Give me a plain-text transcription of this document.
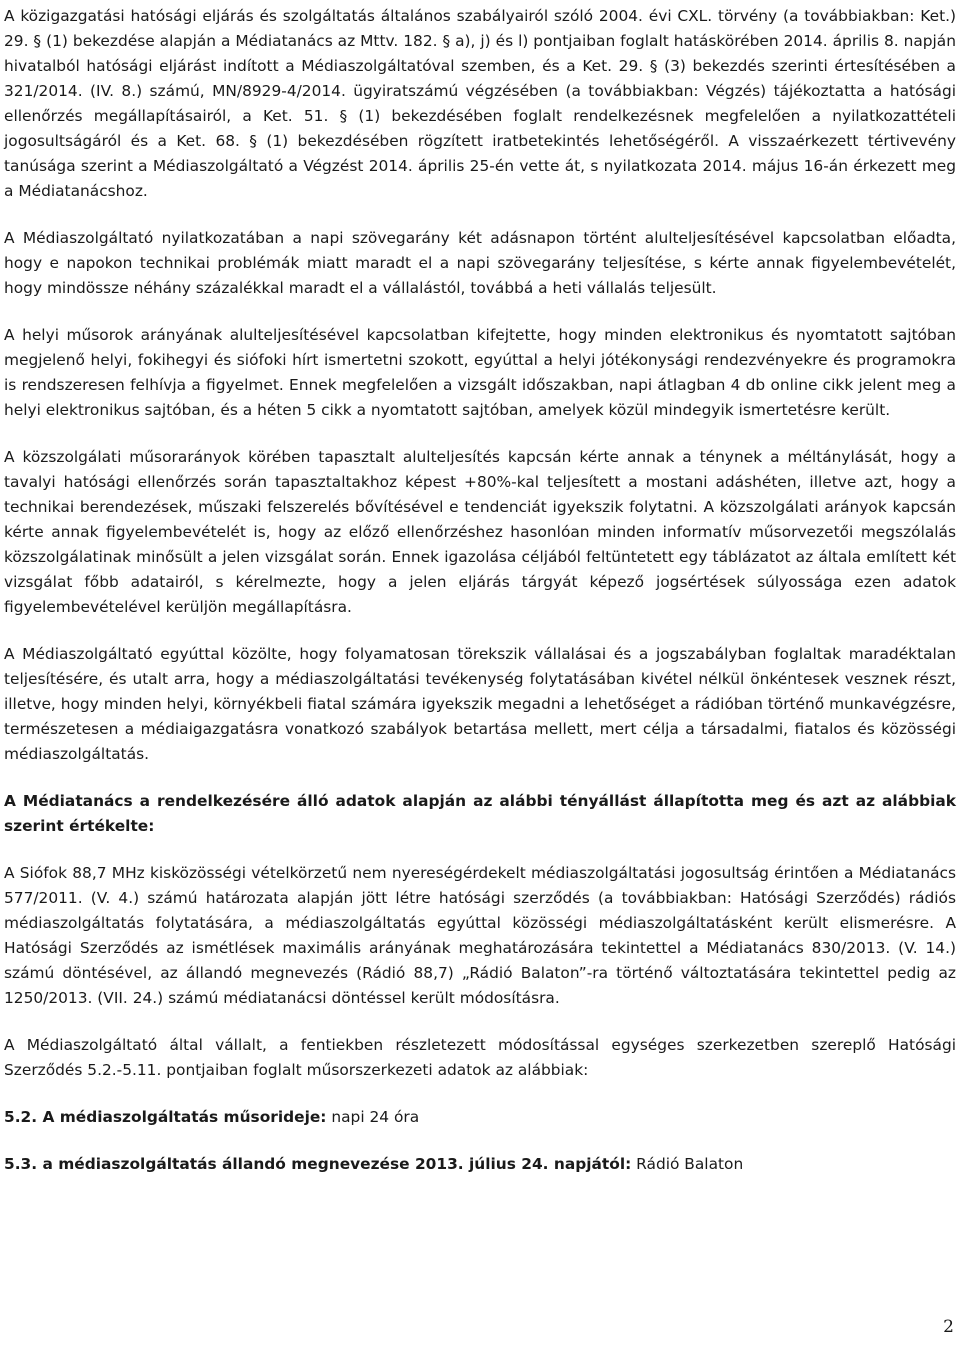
A közigazgatási hatósági eljárás és szolgáltatás általános szabályairól szóló 2004. évi CXL. törvény (a továbbiakban: Ket.) 29. § (1) bekezdése alapján a Médiatanács az Mttv. 182. § a), j) és l) pontjaiban foglalt hatáskörében 2014. április 8. napján hivatalból hatósági eljárást indított a Médiaszolgáltatóval szemben, és a Ket. 29. § (3) bekezdés szerinti értesítésében a 321/2014. (IV. 8.) számú, MN/8929-4/2014. ügyiratszámú végzésében (a továbbiakban: Végzés) tájékoztatta a hatósági ellenőrzés megállapításairól, a Ket. 51. § (1) bekezdésében foglalt rendelkezésnek megfelelően a nyilatkozattételi jogosultságáról és a Ket. 68. § (1) bekezdésében rögzített iratbetekintés lehetőségéről. A visszaérkezett tértivevény tanúsága szerint a Médiaszolgáltató a Végzést 2014. április 25-én vette át, s nyilatkozata 2014. május 16-án érkezett meg a Médiatanácshoz.

A Médiaszolgáltató nyilatkozatában a napi szövegarány két adásnapon történt alulteljesítésével kapcsolatban előadta, hogy e napokon technikai problémák miatt maradt el a napi szövegarány teljesítése, s kérte annak figyelembevételét, hogy mindössze néhány százalékkal maradt el a vállalástól, továbbá a heti vállalás teljesült.

A helyi műsorok arányának alulteljesítésével kapcsolatban kifejtette, hogy minden elektronikus és nyomtatott sajtóban megjelenő helyi, fokihegyi és siófoki hírt ismertetni szokott, egyúttal a helyi jótékonysági rendezvényekre és programokra is rendszeresen felhívja a figyelmet. Ennek megfelelően a vizsgált időszakban, napi átlagban 4 db online cikk jelent meg a helyi elektronikus sajtóban, és a héten 5 cikk a nyomtatott sajtóban, amelyek közül mindegyik ismertetésre került.

A közszolgálati műsorarányok körében tapasztalt alulteljesítés kapcsán kérte annak a ténynek a méltánylását, hogy a tavalyi hatósági ellenőrzés során tapasztaltakhoz képest +80%-kal teljesített a mostani adáshéten, illetve azt, hogy a technikai berendezések, műszaki felszerelés bővítésével e tendenciát igyekszik folytatni. A közszolgálati arányok kapcsán kérte annak figyelembevételét is, hogy az előző ellenőrzéshez hasonlóan minden informatív műsorvezetői megszólalás közszolgálatinak minősült a jelen vizsgálat során. Ennek igazolása céljából feltüntetett egy táblázatot az általa említett két vizsgálat főbb adatairól, s kérelmezte, hogy a jelen eljárás tárgyát képező jogsértések súlyossága ezen adatok figyelembevételével kerüljön megállapításra.

A Médiaszolgáltató egyúttal közölte, hogy folyamatosan törekszik vállalásai és a jogszabályban foglaltak maradéktalan teljesítésére, és utalt arra, hogy a médiaszolgáltatási tevékenység folytatásában kivétel nélkül önkéntesek vesznek részt, illetve, hogy minden helyi, környékbeli fiatal számára igyekszik megadni a lehetőséget a rádióban történő munkavégzésre, természetesen a médiaigazgatásra vonatkozó szabályok betartása mellett, mert célja a társadalmi, fiatalos és közösségi médiaszolgáltatás.

A Médiatanács a rendelkezésére álló adatok alapján az alábbi tényállást állapította meg és azt az alábbiak szerint értékelte:

A Siófok 88,7 MHz kisközösségi vételkörzetű nem nyereségérdekelt médiaszolgáltatási jogosultság érintően a Médiatanács 577/2011. (V. 4.) számú határozata alapján jött létre hatósági szerződés (a továbbiakban: Hatósági Szerződés) rádiós médiaszolgáltatás folytatására, a médiaszolgáltatás egyúttal közösségi médiaszolgáltatásként került elismerésre. A Hatósági Szerződés az ismétlések maximális arányának meghatározására tekintettel a Médiatanács 830/2013. (V. 14.) számú döntésével, az állandó megnevezés (Rádió 88,7) „Rádió Balaton”-ra történő változtatására tekintettel pedig az 1250/2013. (VII. 24.) számú médiatanácsi döntéssel került módosításra.

A Médiaszolgáltató által vállalt, a fentiekben részletezett módosítással egységes szerkezetben szereplő Hatósági Szerződés 5.2.-5.11. pontjaiban foglalt műsorszerkezeti adatok az alábbiak:

5.2. A médiaszolgáltatás műsorideje: napi 24 óra

5.3. a médiaszolgáltatás állandó megnevezése 2013. július 24. napjától: Rádió Balaton

2
